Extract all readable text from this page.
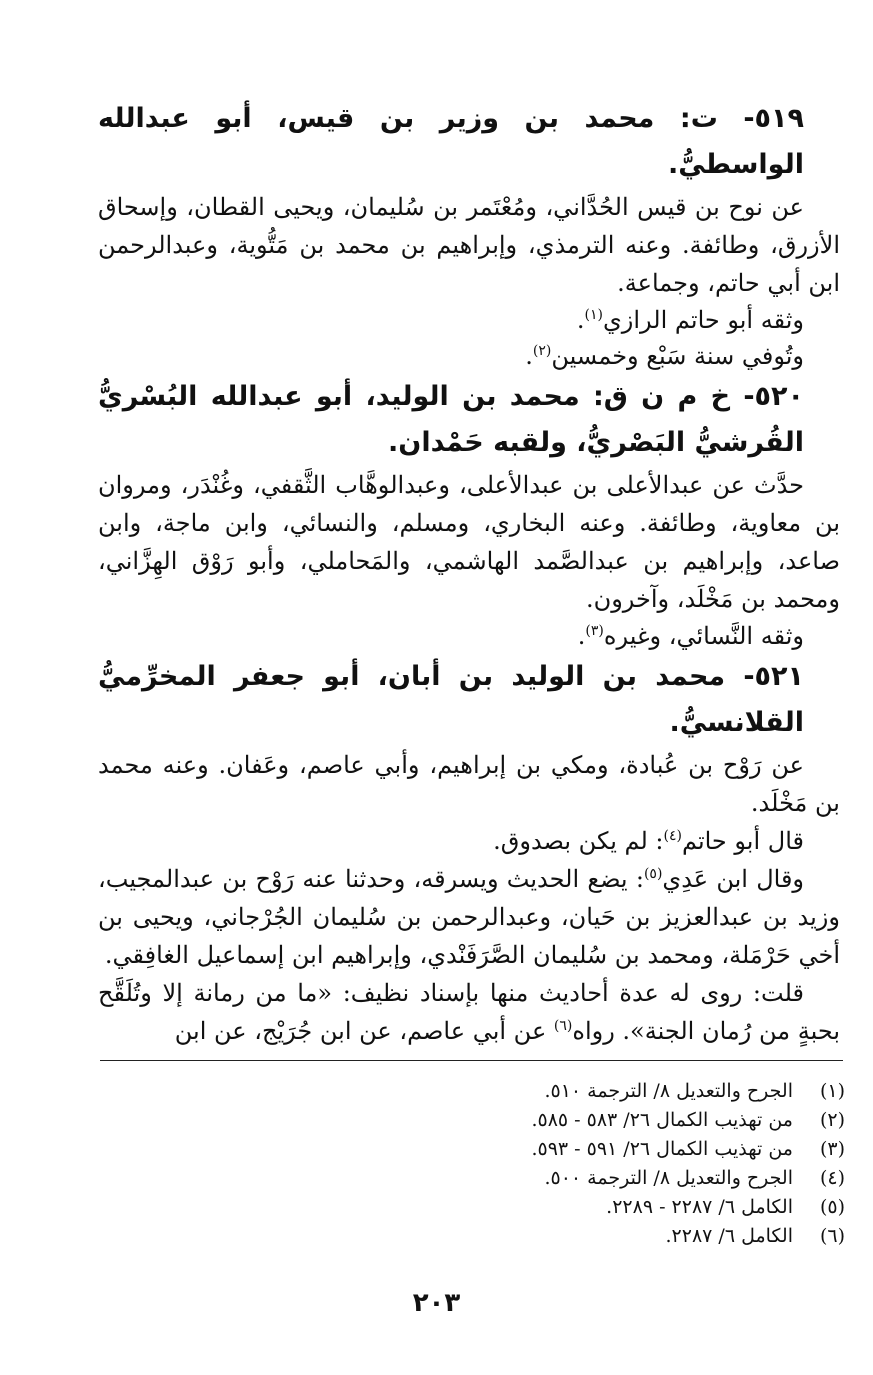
٥١٩- ت: محمد بن وزير بن قيس، أبو عبدالله الواسطيُّ.

عن نوح بن قيس الحُدَّاني، ومُعْتَمر بن سُليمان، ويحيى القطان، وإسحاق الأزرق، وطائفة. وعنه الترمذي، وإبراهيم بن محمد بن مَتُّوية، وعبدالرحمن ابن أبي حاتم، وجماعة.

وثقه أبو حاتم الرازي$^{(١)}$.

وتُوفي سنة سَبْع وخمسين$^{(٢)}$.

٥٢٠- خ م ن ق: محمد بن الوليد، أبو عبدالله البُسْريُّ القُرشيُّ البَصْريُّ، ولقبه حَمْدان.

حدَّث عن عبدالأعلى بن عبدالأعلى، وعبدالوهَّاب الثَّقفي، وغُنْدَر، ومروان بن معاوية، وطائفة. وعنه البخاري، ومسلم، والنسائي، وابن ماجة، وابن صاعد، وإبراهيم بن عبدالصَّمد الهاشمي، والمَحاملي، وأبو رَوْق الهِزَّاني، ومحمد بن مَخْلَد، وآخرون.

وثقه النَّسائي، وغيره$^{(٣)}$.

٥٢١- محمد بن الوليد بن أبان، أبو جعفر المخرِّميُّ القلانسيُّ.

عن رَوْح بن عُبادة، ومكي بن إبراهيم، وأبي عاصم، وعَفان. وعنه محمد بن مَخْلَد.

قال أبو حاتم$^{(٤)}$: لم يكن بصدوق.

وقال ابن عَدِي$^{(٥)}$: يضع الحديث ويسرقه، وحدثنا عنه رَوْح بن عبدالمجيب، وزيد بن عبدالعزيز بن حَيان، وعبدالرحمن بن سُليمان الجُرْجاني، ويحيى بن أخي حَرْمَلة، ومحمد بن سُليمان الصَّرَفَنْدي، وإبراهيم ابن إسماعيل الغافِقي.

قلت: روى له عدة أحاديث منها بإسناد نظيف: «ما من رمانة إلا وتُلَقَّح بحبةٍ من رُمان الجنة». رواه$^{(٦)}$ عن أبي عاصم، عن ابن جُرَيْج، عن ابن

(١)
الجرح والتعديل ٨/ الترجمة ٥١٠.
(٢)
من تهذيب الكمال ٢٦/ ٥٨٣ - ٥٨٥.
(٣)
من تهذيب الكمال ٢٦/ ٥٩١ - ٥٩٣.
(٤)
الجرح والتعديل ٨/ الترجمة ٥٠٠.
(٥)
الكامل ٦/ ٢٢٨٧ - ٢٢٨٩.
(٦)
الكامل ٦/ ٢٢٨٧.
٢٠٣
